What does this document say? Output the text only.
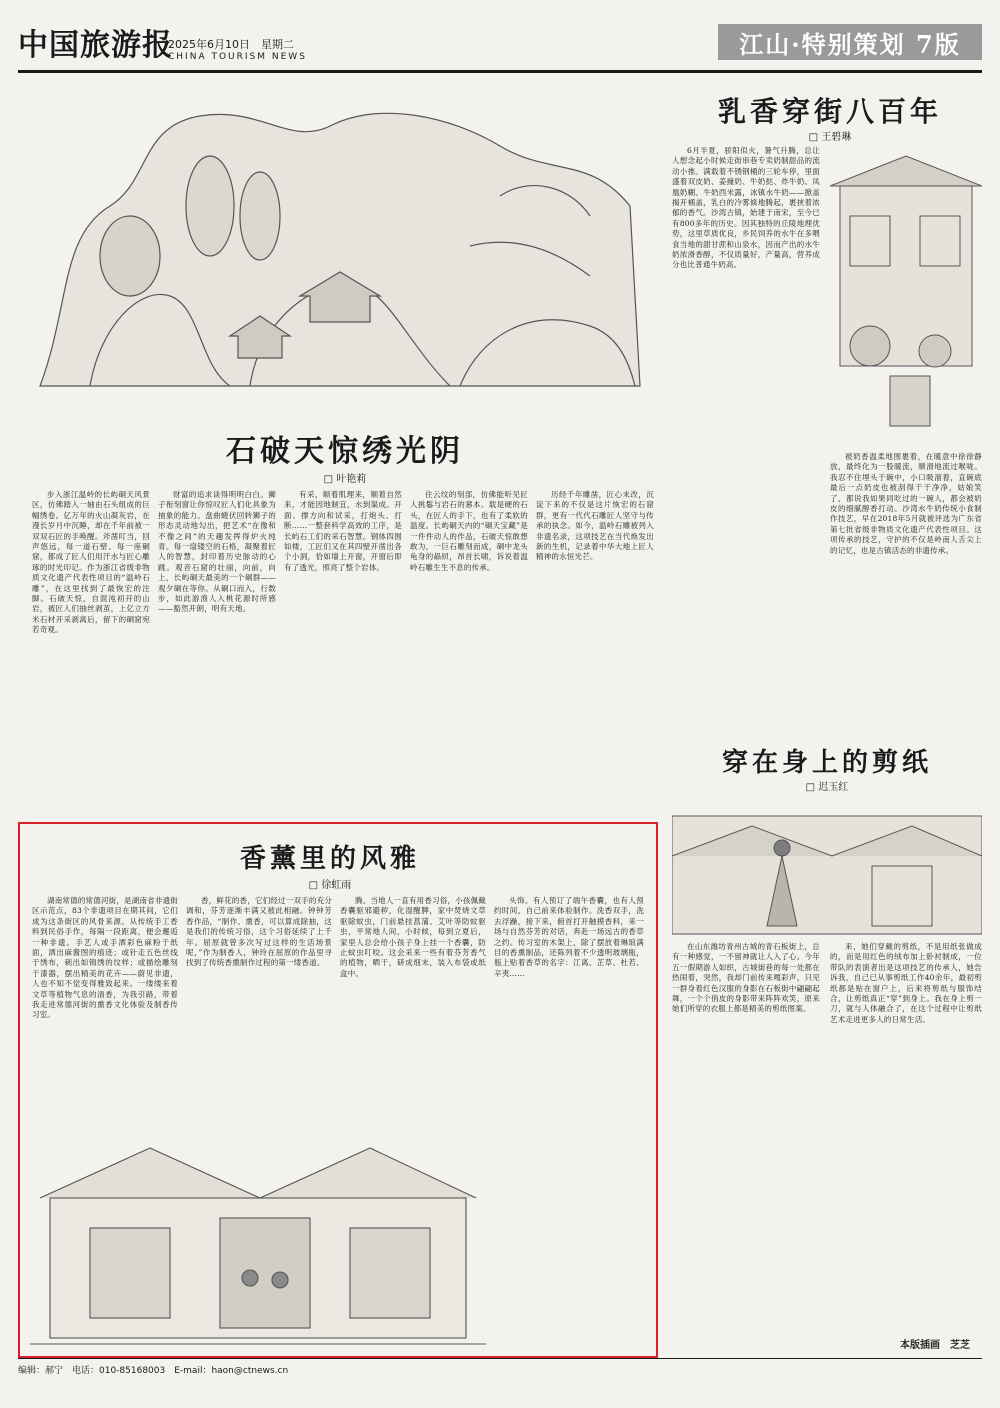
中国旅游报
2025年6月10日　星期二
CHINA TOURISM NEWS	江山·特别策划 7版
石破天惊绣光阴
□ 叶艳莉

步入浙江温岭的长屿硐天风景区，仿佛踏入一轴由石头组成的巨幅绣卷。亿万年的火山凝灰岩，在漫长岁月中沉睡，却在千年前被一双双石匠的手唤醒。斧凿叮当，回声悠远，每一道石壁、每一座硐窟，都成了匠人们用汗水与匠心雕琢的时光印记。作为浙江省级非物质文化遗产代表性项目的“温岭石雕”，在这里找到了最恢宏的注脚。石破天惊，自混沌初开的山岩，被匠人们抽丝剥茧，上亿立方米石材开采剥离后，留下的硐窟宛若奇观。

财富的追求谈得明明白白。狮子衔刻窗让你惊叹匠人们化具象为抽象的能力。盘曲蜷伏回转狮子的形态灵动地勾出，把艺术“在像和不像之间”的天趣发挥得炉火纯青。每一扇镂空的石格，凝聚着匠人的智慧，封印着历史脉动的心跳。观音石窟的壮丽，向前，向上，长屿硐天最美的一个硐群——观夕硐在等你。从硐口而入，行数步，如此游渔人入桃花源时所感——豁然开朗，明有天地。

有采，顺着肌理来，顺着自然来，才能因地制宜，水到渠成。开面、撑方向和试采，打炮头、打断……一整套科学高效的工序，是长屿石工们的采石智慧。钢体四围如楼，工匠们又在其四壁开凿出各个小洞，恰如墙上开窗，开窗后即有了透光，照亮了整个岩体。

住云纹的刻部，仿佛能听见匠人挑鬈与岩石的窸本。载是硬的石头，在匠人的手下，也有了柔软的温度。长屿硐天内的“硐天宝藏”是一件件动人的作品，石破天惊敢想敢为，一巨石雕刻而成，硐中龙头龟身的赑屃，昂首长啸，诉说着温岭石雕生生不息的传承。

历经千年雕凿，匠心未改，沉淀下来的不仅是这片恢宏的石窟群，更有一代代石雕匠人坚守与传承的执念。如今，温岭石雕被列入非遗名录，这项技艺在当代焕发出新的生机，记录着中华大地上匠人精神的永恒光芒。

乳香穿街八百年
□ 王碧琳

6月半夏，骄阳似火，暑气升腾，总让人想念起小时候走街串巷专卖奶制甜品的流动小推。满载着不锈钢桶的三轮车停，里面盛着双皮奶、姜撞奶、牛奶挞、炸牛奶、凤凰奶糊、牛奶西米露，冰镇水牛奶——掀盖揭开桶盖，乳白的冷雾倏地腾起，裹挟着浓郁的香气。沙湾古镇，始建于南宋，至今已有800多年的历史。因其独特的丘陵地理优势，这里草质优良，乡民饲养的水牛在多喂食当地的甜甘蔗和山泉水，因而产出的水牛奶浓滑香醇，不仅质量好，产量高，营养成分也比普通牛奶高。

被奶香温柔地围裹着，在暖意中徐徐静放，最终化为一股暖流，顺滑地流过喉咙。我忍不住埋头于碗中，小口吸溜着，直碗底最后一点奶皮也被刮得干干净净，姑娘笑了，都说我如果同吃过的一碗人，都会被奶皮的细腻醇香打动。沙湾水牛奶传统小食制作技艺，早在2018年5月就被评选为广东省第七批省级非物质文化遗产代表性项目。这项传承的技艺，守护的不仅是岭南人舌尖上的记忆，也是古镇活态的非遗传承。

香薰里的风雅
□ 徐虹雨

湖南常德的常德河街，是湖南省非遗街区示范点，83个非遗项目在期其间，它们成为这条街区的风骨来源。从传统手工香料到民俗手作，每隔一段距离，便会邂逅一种非遗。手艺人或手洒彩色麻粉于纸面，洒出麻酱图的痕迹；或针走五色丝线于绣布，刺出如锦绣的纹样；或描绘雕刻于漆器，摆出精美的花卉——蔚见非遗，人也不知不觉变得雅致起来。一缕缕来着文草等植物气息的清香，为我引路，带着我走进常德河街的熏香文化体验及制香传习室。

香，鲜花的香，它们经过一双手的充分调和，芬芳逐渐丰满又被此相融。钟钟芳香作品，“制作、熏香，可以算成除抽，这是我们的传统习俗，这个习俗延续了上千年。屈原就曾多次写过这样的生活场景呢，”作为制香人，钟玲在屈原的作品里寻找到了传统香熏制作过程的第一缕香道。

腾。当地人一直有用香习俗，小孩佩戴香囊驱邪避秽，化湿醒脾，家中焚烧文草驱除蚊虫，门前悬挂菖蒲、艾叶等防蚊驱虫，平常地人间，小时候，每到立夏后，家里人总会给小孩子身上挂一个香囊，防止蚊虫叮咬。这会采来一些有着芬芳香气的植物，晒干，研成细末，装入布袋或纸盒中。

头饰。有人预订了端午香囊，也有人预约时间，自己前来体验制作。洗香双手，洗去浮躁，接下来，俯首打开触摸香料，来一场与自然芬芳的对话，奔赴一场远古的香草之约。传习室的木架上，除了摆放着琳琅满目的香熏制品，还陈列着不少透明玻璃瓶，瓶上贴着香草的名字：江离、芷草、杜若、辛夷……

穿在身上的剪纸
□ 迟玉红

在山东潍坊青州古城的青石板街上，总有一种感觉，一不留神就让人入了心。今年五一假期游人如织，古城街巷的每一处都在热闹着，突然，我却门前传来嘎彩声，只见一群身着红色汉服的身影在石板街中翩翩起舞，一个个俏皮的身影带来阵阵欢笑，原来她们所穿的衣服上都是精美的剪纸图案。

来，她们穿戴的剪纸，不是用纸张做成的，而是用红色的绒布加上卧衬制成，一位带队的表演者出是这项技艺的传承人，她告诉我，自己已从事剪纸工作40余年，最初剪纸都是贴在窗户上，后来将剪纸与服饰结合，让剪纸真正“穿”到身上。我在身上剪一刀，就与人体融合了，在这个过程中让剪纸艺术走进更多人的日常生活。

本版插画　芝芝
编辑：郝宁　电话：010-85168003　E-mail：haon@ctnews.cn
